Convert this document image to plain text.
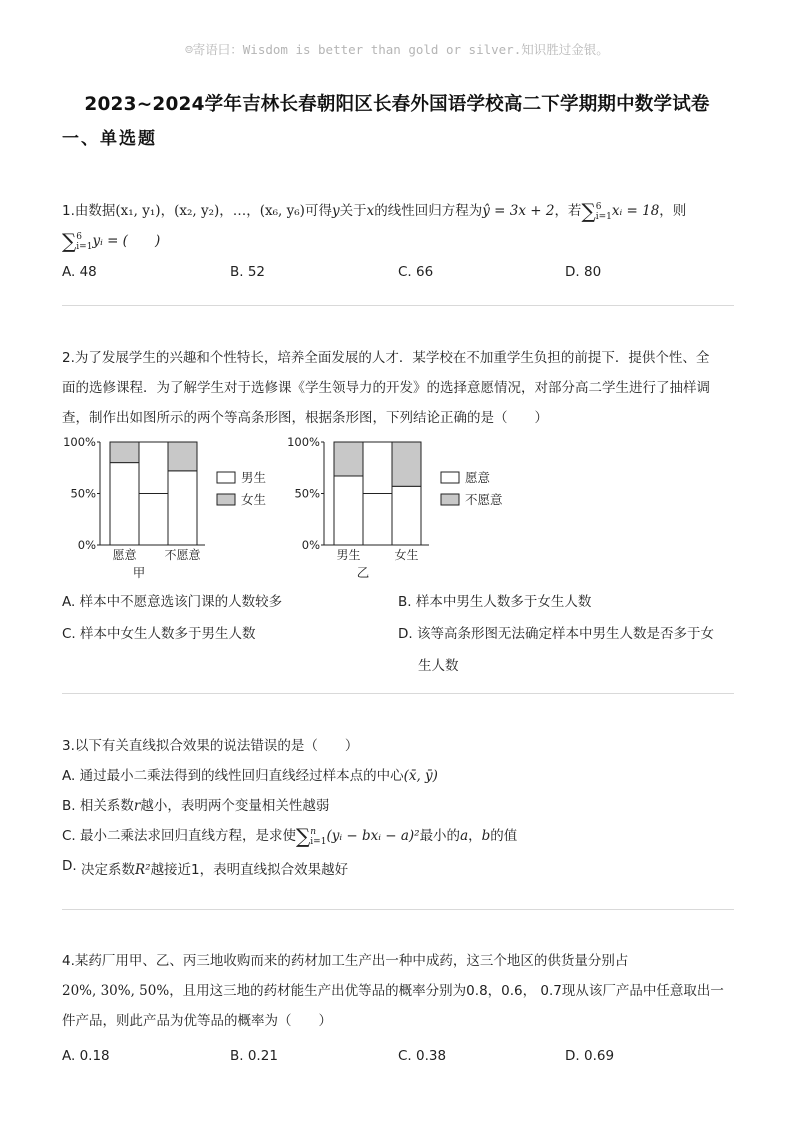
☺寄语曰：Wisdom is better than gold or silver.知识胜过金银。
2023~2024学年吉林长春朝阳区长春外国语学校高二下学期期中数学试卷
一、单选题
1.由数据(x₁, y₁)，(x₂, y₂)，…，(x₆, y₆)可得y关于x的线性回归方程为ŷ = 3x + 2，若∑ 6
i=1 xᵢ = 18，则
∑ 6
i=1 yᵢ = (　　)
A. 48	B. 52	C. 66	D. 80
2.为了发展学生的兴趣和个性特长，培养全面发展的人才．某学校在不加重学生负担的前提下．提供个性、全
面的选修课程．为了解学生对于选修课《学生领导力的开发》的选择意愿情况，对部分高二学生进行了抽样调
查，制作出如图所示的两个等高条形图，根据条形图，下列结论正确的是（　　）
0%
50%
100%
愿意 不愿意
甲
男生
女生
0%
50%
100%
男生	女生
乙
愿意
不愿意
A. 样本中不愿意选该门课的人数较多	B. 样本中男生人数多于女生人数
C. 样本中女生人数多于男生人数	D. 该等高条形图无法确定样本中男生人数是否多于女
生人数
3.以下有关直线拟合效果的说法错误的是（　　）
A. 通过最小二乘法得到的线性回归直线经过样本点的中心(x̄, ȳ)
B. 相关系数r越小，表明两个变量相关性越弱
C. 最小二乘法求回归直线方程，是求使∑ n
i=1 (yᵢ − bxᵢ − a)²最小的a，b的值
D. 决定系数R²越接近1，表明直线拟合效果越好
4.某药厂用甲、乙、丙三地收购而来的药材加工生产出一种中成药，这三个地区的供货量分别占
20%, 30%, 50%，且用这三地的药材能生产出优等品的概率分别为0.8，0.6， 0.7现从该厂产品中任意取出一
件产品，则此产品为优等品的概率为（　　）
A. 0.18	B. 0.21	C. 0.38	D. 0.69
